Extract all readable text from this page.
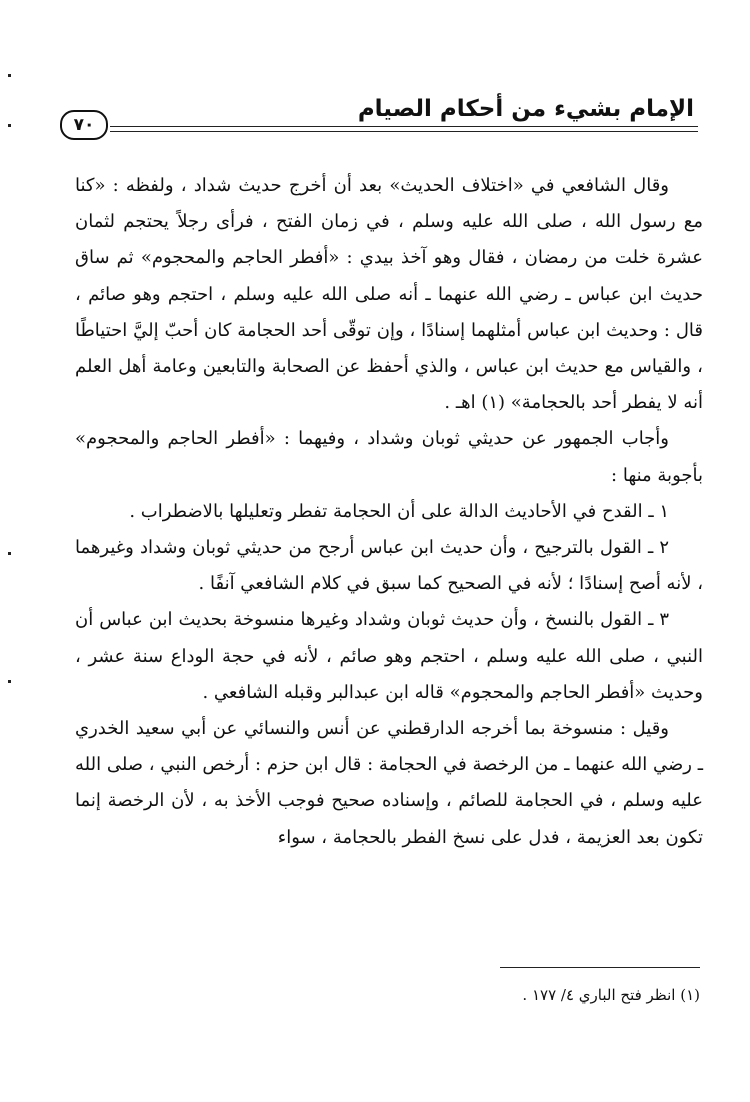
الإمام بشيء من أحكام الصيام
٧٠

وقال الشافعي في «اختلاف الحديث» بعد أن أخرج حديث شداد ، ولفظه : «كنا مع رسول الله ، صلى الله عليه وسلم ، في زمان الفتح ، فرأى رجلاً يحتجم لثمان عشرة خلت من رمضان ، فقال وهو آخذ بيدي : «أفطر الحاجم والمحجوم» ثم ساق حديث ابن عباس ـ رضي الله عنهما ـ أنه صلى الله عليه وسلم ، احتجم وهو صائم ، قال : وحديث ابن عباس أمثلهما إسنادًا ، وإن توقّى أحد الحجامة كان أحبّ إليَّ احتياطًا ، والقياس مع حديث ابن عباس ، والذي أحفظ عن الصحابة والتابعين وعامة أهل العلم أنه لا يفطر أحد بالحجامة» (١) اهـ .

وأجاب الجمهور عن حديثي ثوبان وشداد ، وفيهما : «أفطر الحاجم والمحجوم» بأجوبة منها :

١ ـ القدح في الأحاديث الدالة على أن الحجامة تفطر وتعليلها بالاضطراب .

٢ ـ القول بالترجيح ، وأن حديث ابن عباس أرجح من حديثي ثوبان وشداد وغيرهما ، لأنه أصح إسنادًا ؛ لأنه في الصحيح كما سبق في كلام الشافعي آنفًا .

٣ ـ القول بالنسخ ، وأن حديث ثوبان وشداد وغيرها منسوخة بحديث ابن عباس أن النبي ، صلى الله عليه وسلم ، احتجم وهو صائم ، لأنه في حجة الوداع سنة عشر ، وحديث «أفطر الحاجم والمحجوم» قاله ابن عبدالبر وقبله الشافعي .

وقيل : منسوخة بما أخرجه الدارقطني عن أنس والنسائي عن أبي سعيد الخدري ـ رضي الله عنهما ـ من الرخصة في الحجامة : قال ابن حزم : أرخص النبي ، صلى الله عليه وسلم ، في الحجامة للصائم ، وإسناده صحيح فوجب الأخذ به ، لأن الرخصة إنما تكون بعد العزيمة ، فدل على نسخ الفطر بالحجامة ، سواء

(١) انظر فتح الباري ٤/ ١٧٧ .
